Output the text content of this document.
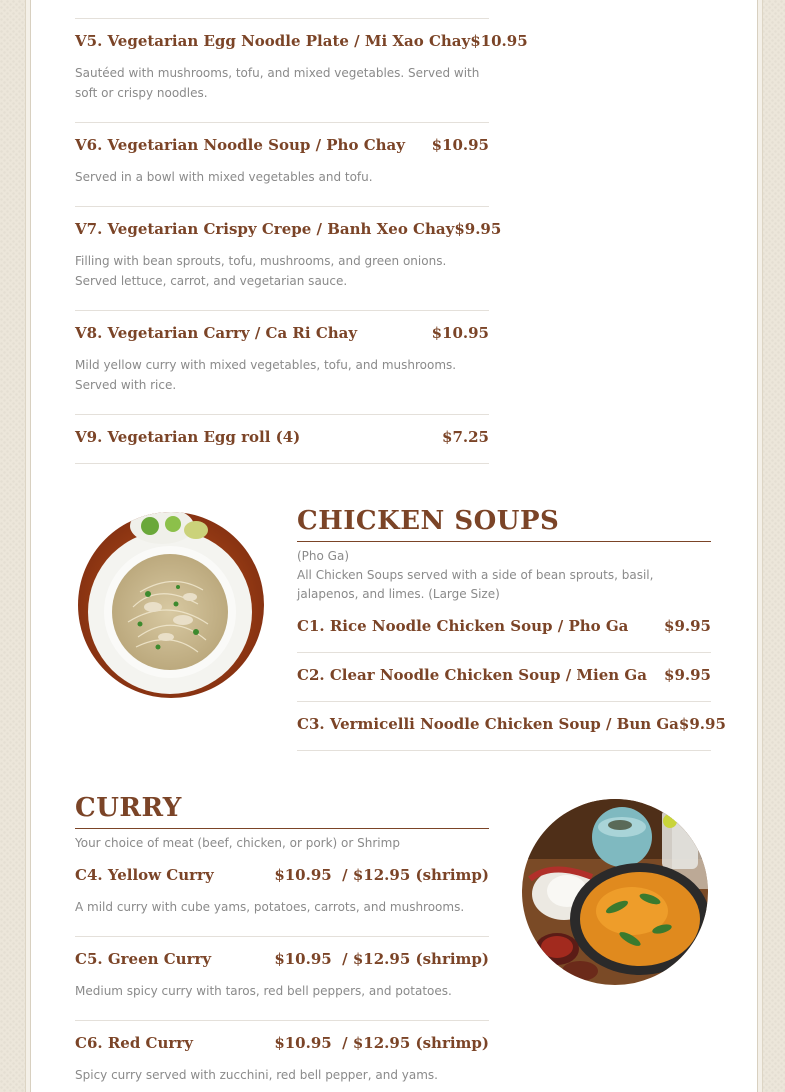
V5. Vegetarian Egg Noodle Plate / Mi Xao Chay $10.95
Sautéed with mushrooms, tofu, and mixed vegetables. Served with soft or crispy noodles.
V6. Vegetarian Noodle Soup / Pho Chay $10.95
Served in a bowl with mixed vegetables and tofu.
V7. Vegetarian Crispy Crepe / Banh Xeo Chay $9.95
Filling with bean sprouts, tofu, mushrooms, and green onions. Served lettuce, carrot, and vegetarian sauce.
V8. Vegetarian Carry / Ca Ri Chay	$10.95
Mild yellow curry with mixed vegetables, tofu, and mushrooms. Served with rice.
V9. Vegetarian Egg roll (4)	$7.25
CHICKEN SOUPS
(Pho Ga)
All Chicken Soups served with a side of bean sprouts, basil, jalapenos, and limes. (Large Size)
C1. Rice Noodle Chicken Soup / Pho Ga $9.95
C2. Clear Noodle Chicken Soup / Mien Ga $9.95
C3. Vermicelli Noodle Chicken Soup / Bun Ga $9.95
CURRY
Your choice of meat (beef, chicken, or pork) or Shrimp
C4. Yellow Curry	$10.95  / $12.95 (shrimp)
A mild curry with cube yams, potatoes, carrots, and mushrooms.
C5. Green Curry	$10.95  / $12.95 (shrimp)
Medium spicy curry with taros, red bell peppers, and potatoes.
C6. Red Curry	$10.95  / $12.95 (shrimp)
Spicy curry served with zucchini, red bell pepper, and yams.
